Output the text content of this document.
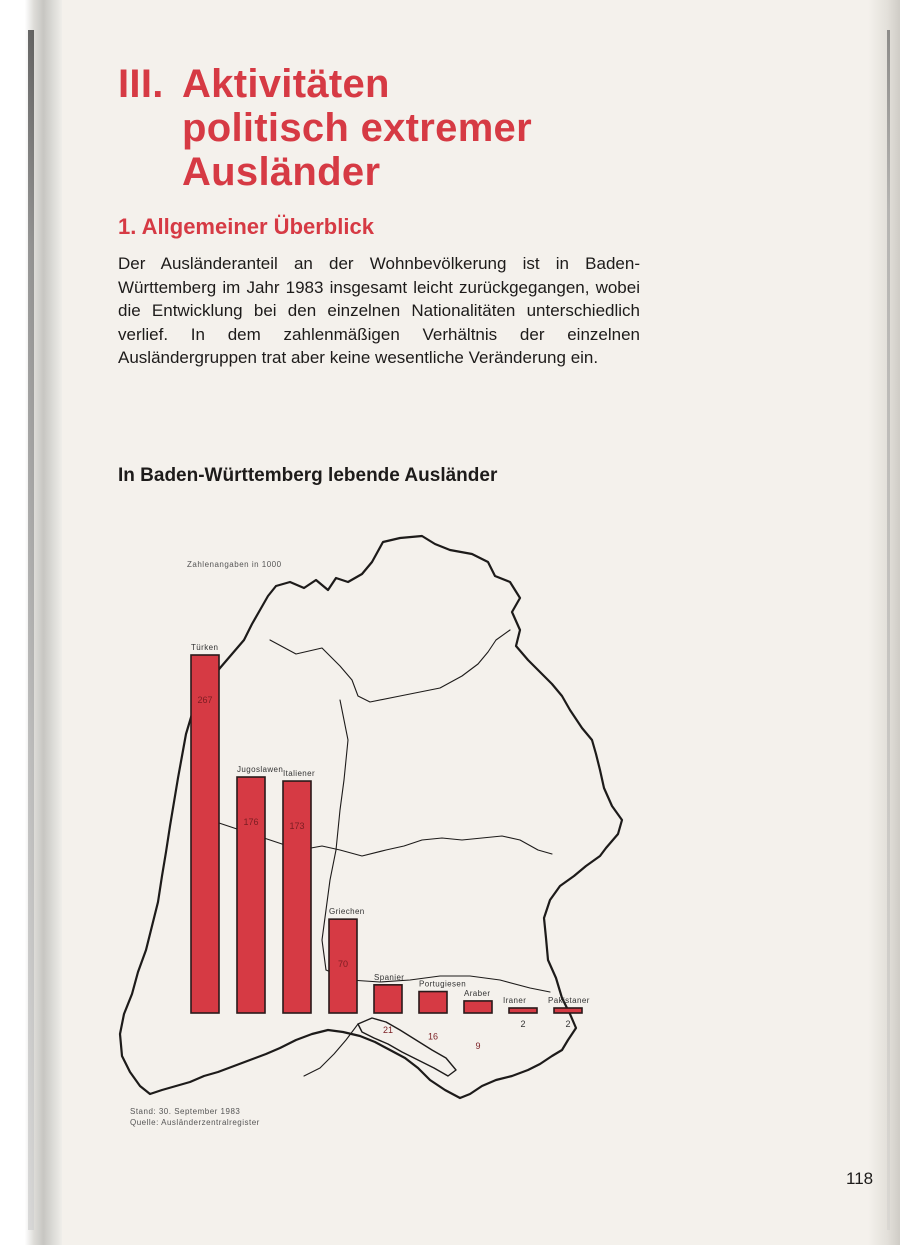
III. Aktivitäten
politisch extremer
Ausländer
1. Allgemeiner Überblick
Der Ausländeranteil an der Wohnbevölkerung ist in Baden-Württemberg im Jahr 1983 insgesamt leicht zurückgegangen, wobei die Entwicklung bei den einzelnen Nationalitäten unterschiedlich verlief. In dem zahlenmäßigen Verhältnis der einzelnen Ausländergruppen trat aber keine wesentliche Veränderung ein.
In Baden-Württemberg lebende Ausländer
Türken
267
Jugoslawen
176
Italiener
173
Griechen
70
Spanier
21
Portugiesen
16
Araber
9
Iraner
2
Pakistaner
2
Zahlenangaben in 1000
Stand: 30. September 1983
Quelle: Ausländerzentralregister
118
